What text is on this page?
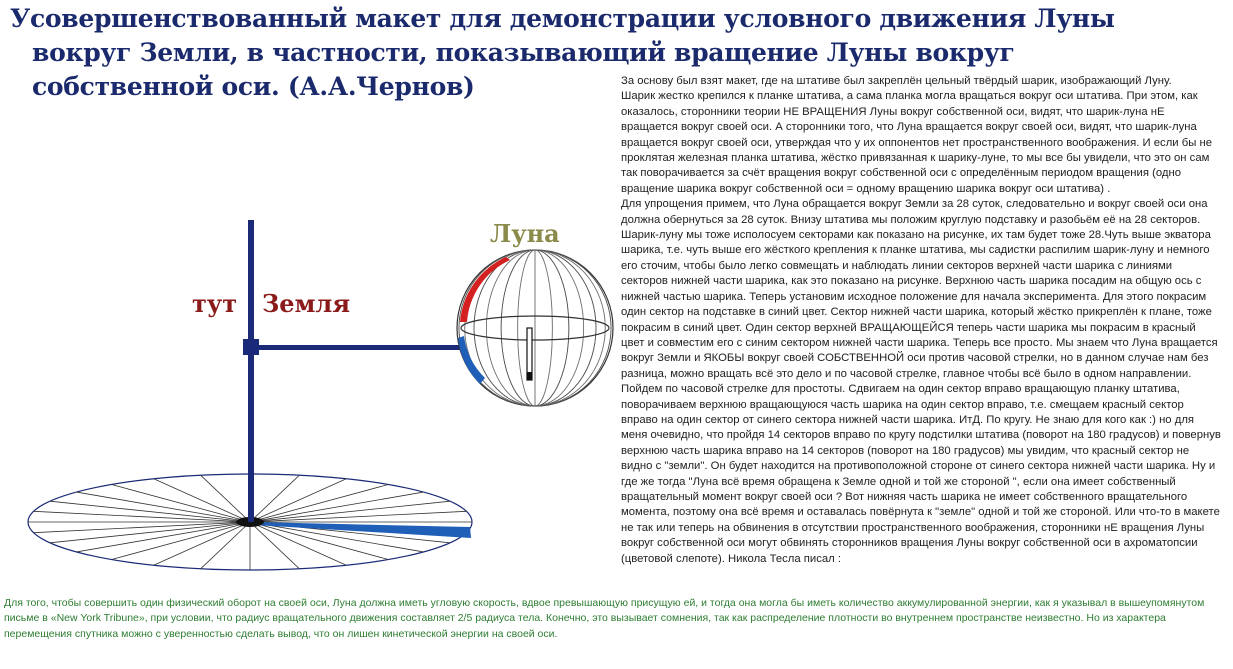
Усовершенствованный макет для демонстрации условного движения Луны
вокруг Земли, в частности, показывающий вращение Луны вокруг
собственной оси. (А.А.Чернов)
тут Земля
Луна

За основу был взят макет, где на штативе был закреплён цельный твёрдый шарик, изображающий Луну.

Шарик жестко крепился к планке штатива, а сама планка могла вращаться вокруг оси штатива. При этом, как оказалось, сторонники теории НЕ ВРАЩЕНИЯ Луны вокруг собственной оси, видят, что шарик-луна нЕ вращается вокруг своей оси. А сторонники того, что Луна вращается вокруг своей оси, видят, что шарик-луна вращается вокруг своей оси, утверждая что у их оппонентов нет пространственного воображения. И если бы не проклятая железная планка штатива, жёстко привязанная к шарику-луне, то мы все бы увидели, что это он сам так поворачивается за счёт вращения вокруг собственной оси с определённым периодом вращения (одно вращение шарика вокруг собственной оси = одному вращению шарика вокруг оси штатива) .

Для упрощения примем, что Луна обращается вокруг Земли за 28 суток, следовательно и вокруг своей оси она должна обернуться за 28 суток. Внизу штатива мы положим круглую подставку и разобьём её на 28 секторов. Шарик-луну мы тоже исполосуем секторами как показано на рисунке, их там будет тоже 28.Чуть выше экватора шарика, т.е. чуть выше его жёсткого крепления к планке штатива, мы садистки распилим шарик-луну и немного его сточим, чтобы было легко совмещать и наблюдать линии секторов верхней части шарика с линиями секторов нижней части шарика, как это показано на рисунке. Верхнюю часть шарика посадим на общую ось с нижней частью шарика. Теперь установим исходное положение для начала эксперимента. Для этого покрасим один сектор на подставке в синий цвет. Сектор нижней части шарика, который жёстко прикреплён к плане, тоже покрасим в синий цвет. Один сектор верхней ВРАЩАЮЩЕЙСЯ теперь части шарика мы покрасим в красный цвет и совместим его с синим сектором нижней части шарика. Теперь все просто. Мы знаем что Луна вращается вокруг Земли и ЯКОБЫ вокруг своей СОБСТВЕННОЙ оси против часовой стрелки, но в данном случае нам без разница, можно вращать всё это дело и по часовой стрелке, главное чтобы всё было в одном направлении. Пойдем по часовой стрелке для простоты. Сдвигаем на один сектор вправо вращающую планку штатива, поворачиваем верхнюю вращающуюся часть шарика на один сектор вправо, т.е. смещаем красный сектор вправо на один сектор от синего сектора нижней части шарика. ИтД. По кругу. Не знаю для кого как :) но для меня очевидно, что пройдя 14 секторов вправо по кругу подстилки штатива (поворот на 180 градусов) и повернув верхнюю часть шарика вправо на 14 секторов (поворот на 180 градусов) мы увидим, что красный сектор не видно с "земли". Он будет находится на противоположной стороне от синего сектора нижней части шарика. Ну и где же тогда "Луна всё время обращена к Земле одной и той же стороной ", если она имеет собственный вращательный момент вокруг своей оси ? Вот нижняя часть шарика не имеет собственного вращательного момента, поэтому она всё время и оставалась повёрнута к "земле" одной и той же стороной. Или что-то в макете не так или теперь на обвинения в отсутствии пространственного воображения, сторонники нЕ вращения Луны вокруг собственной оси могут обвинять сторонников вращения Луны вокруг собственной оси в ахроматопсии (цветовой слепоте). Никола Тесла писал :

Для того, чтобы совершить один физический оборот на своей оси, Луна должна иметь угловую скорость, вдвое превышающую присущую ей, и тогда она могла бы иметь количество аккумулированной энергии, как я указывал в вышеупомянутом письме в «New York Tribune», при условии, что радиус вращательного движения составляет 2/5 радиуса тела. Конечно, это вызывает сомнения, так как распределение плотности во внутреннем пространстве неизвестно. Но из характера перемещения спутника можно с уверенностью сделать вывод, что он лишен кинетической энергии на своей оси.
